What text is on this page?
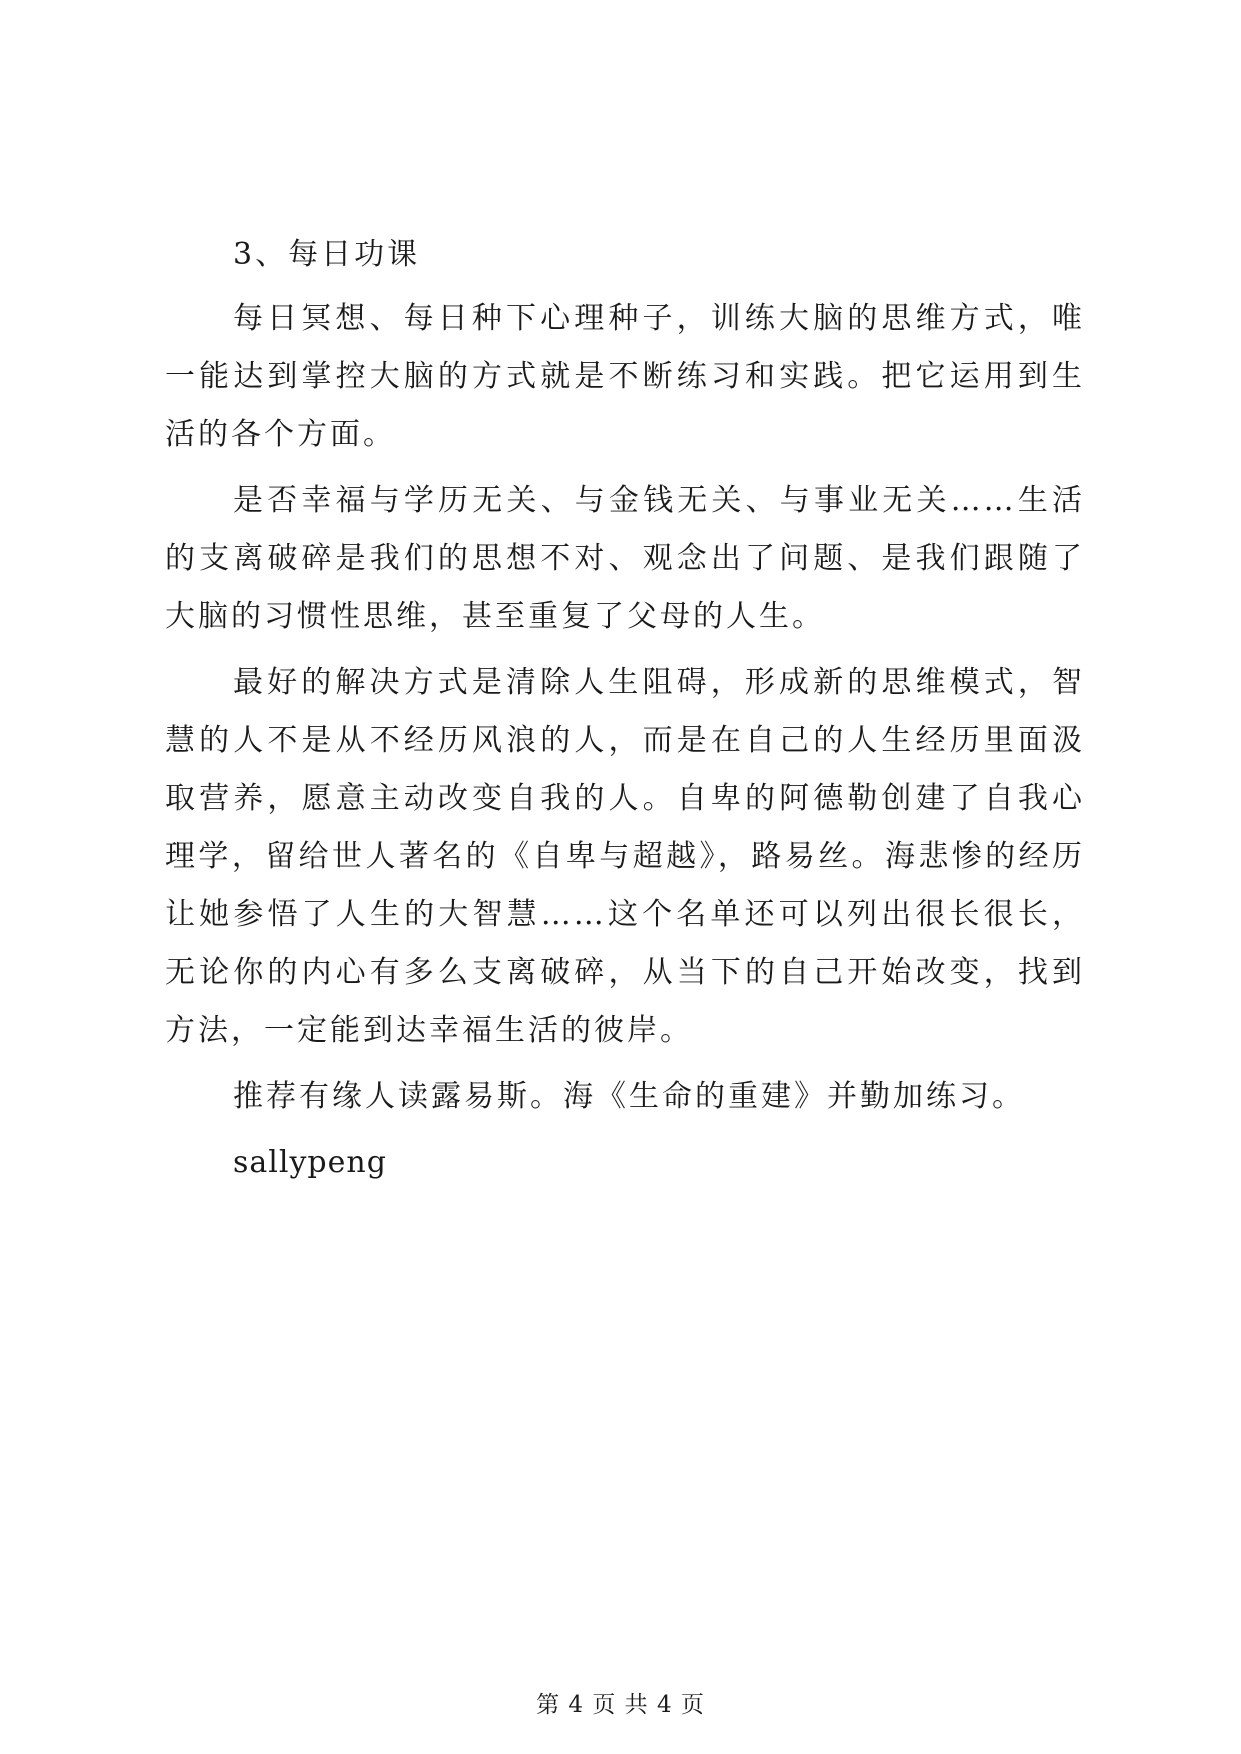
3、每日功课

每日冥想、每日种下心理种子，训练大脑的思维方式，唯一能达到掌控大脑的方式就是不断练习和实践。把它运用到生活的各个方面。

是否幸福与学历无关、与金钱无关、与事业无关……生活的支离破碎是我们的思想不对、观念出了问题、是我们跟随了大脑的习惯性思维，甚至重复了父母的人生。

最好的解决方式是清除人生阻碍，形成新的思维模式，智慧的人不是从不经历风浪的人，而是在自己的人生经历里面汲取营养，愿意主动改变自我的人。自卑的阿德勒创建了自我心理学，留给世人著名的《自卑与超越》，路易丝。海悲惨的经历让她参悟了人生的大智慧……这个名单还可以列出很长很长，无论你的内心有多么支离破碎，从当下的自己开始改变，找到方法，一定能到达幸福生活的彼岸。

推荐有缘人读露易斯。海《生命的重建》并勤加练习。

sallypeng

第 4 页 共 4 页
